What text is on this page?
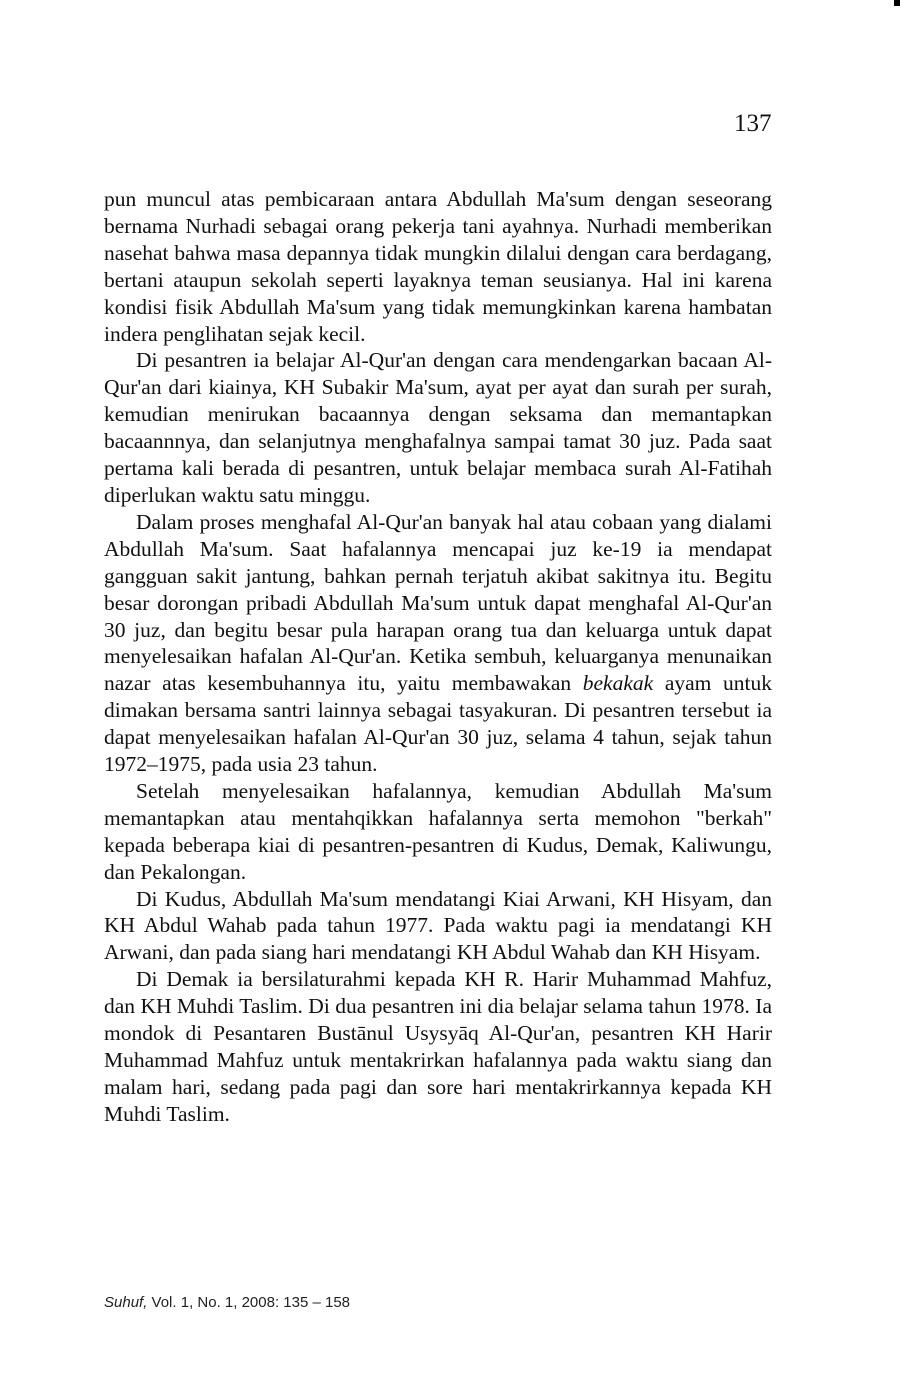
137

pun muncul atas pembicaraan antara Abdullah Ma'sum dengan seseorang bernama Nurhadi sebagai orang pekerja tani ayahnya. Nurhadi memberikan nasehat bahwa masa depannya tidak mungkin dilalui dengan cara berdagang, bertani ataupun sekolah seperti layaknya teman seusianya. Hal ini karena kondisi fisik Abdullah Ma'sum yang tidak memungkinkan karena hambatan indera penglihatan sejak kecil.

Di pesantren ia belajar Al-Qur'an dengan cara mendengarkan bacaan Al-Qur'an dari kiainya, KH Subakir Ma'sum, ayat per ayat dan surah per surah, kemudian menirukan bacaannya dengan seksama dan memantapkan bacaannnya, dan selanjutnya menghafalnya sampai tamat 30 juz. Pada saat pertama kali berada di pesantren, untuk belajar membaca surah Al-Fatihah diperlukan waktu satu minggu.

Dalam proses menghafal Al-Qur'an banyak hal atau cobaan yang dialami Abdullah Ma'sum. Saat hafalannya mencapai juz ke-19 ia mendapat gangguan sakit jantung, bahkan pernah terjatuh akibat sakitnya itu. Begitu besar dorongan pribadi Abdullah Ma'sum untuk dapat menghafal Al-Qur'an 30 juz, dan begitu besar pula harapan orang tua dan keluarga untuk dapat menyelesaikan hafalan Al-Qur'an. Ketika sembuh, keluarganya menunaikan nazar atas kesembuhannya itu, yaitu membawakan bekakak ayam untuk dimakan bersama santri lainnya sebagai tasyakuran. Di pesantren tersebut ia dapat menyelesaikan hafalan Al-Qur'an 30 juz, selama 4 tahun, sejak tahun 1972–1975, pada usia 23 tahun.

Setelah menyelesaikan hafalannya, kemudian Abdullah Ma'sum memantapkan atau mentahqikkan hafalannya serta memohon "berkah" kepada beberapa kiai di pesantren-pesantren di Kudus, Demak, Kaliwungu, dan Pekalongan.

Di Kudus, Abdullah Ma'sum mendatangi Kiai Arwani, KH Hisyam, dan KH Abdul Wahab pada tahun 1977. Pada waktu pagi ia mendatangi KH Arwani, dan pada siang hari mendatangi KH Abdul Wahab dan KH Hisyam.

Di Demak ia bersilaturahmi kepada KH R. Harir Muhammad Mahfuz, dan KH Muhdi Taslim. Di dua pesantren ini dia belajar selama tahun 1978. Ia mondok di Pesantaren Bustānul Usysyāq Al-Qur'an, pesantren KH Harir Muhammad Mahfuz untuk mentakrirkan hafalannya pada waktu siang dan malam hari, sedang pada pagi dan sore hari mentakrirkannya kepada KH Muhdi Taslim.

Suhuf, Vol. 1, No. 1, 2008: 135 – 158
